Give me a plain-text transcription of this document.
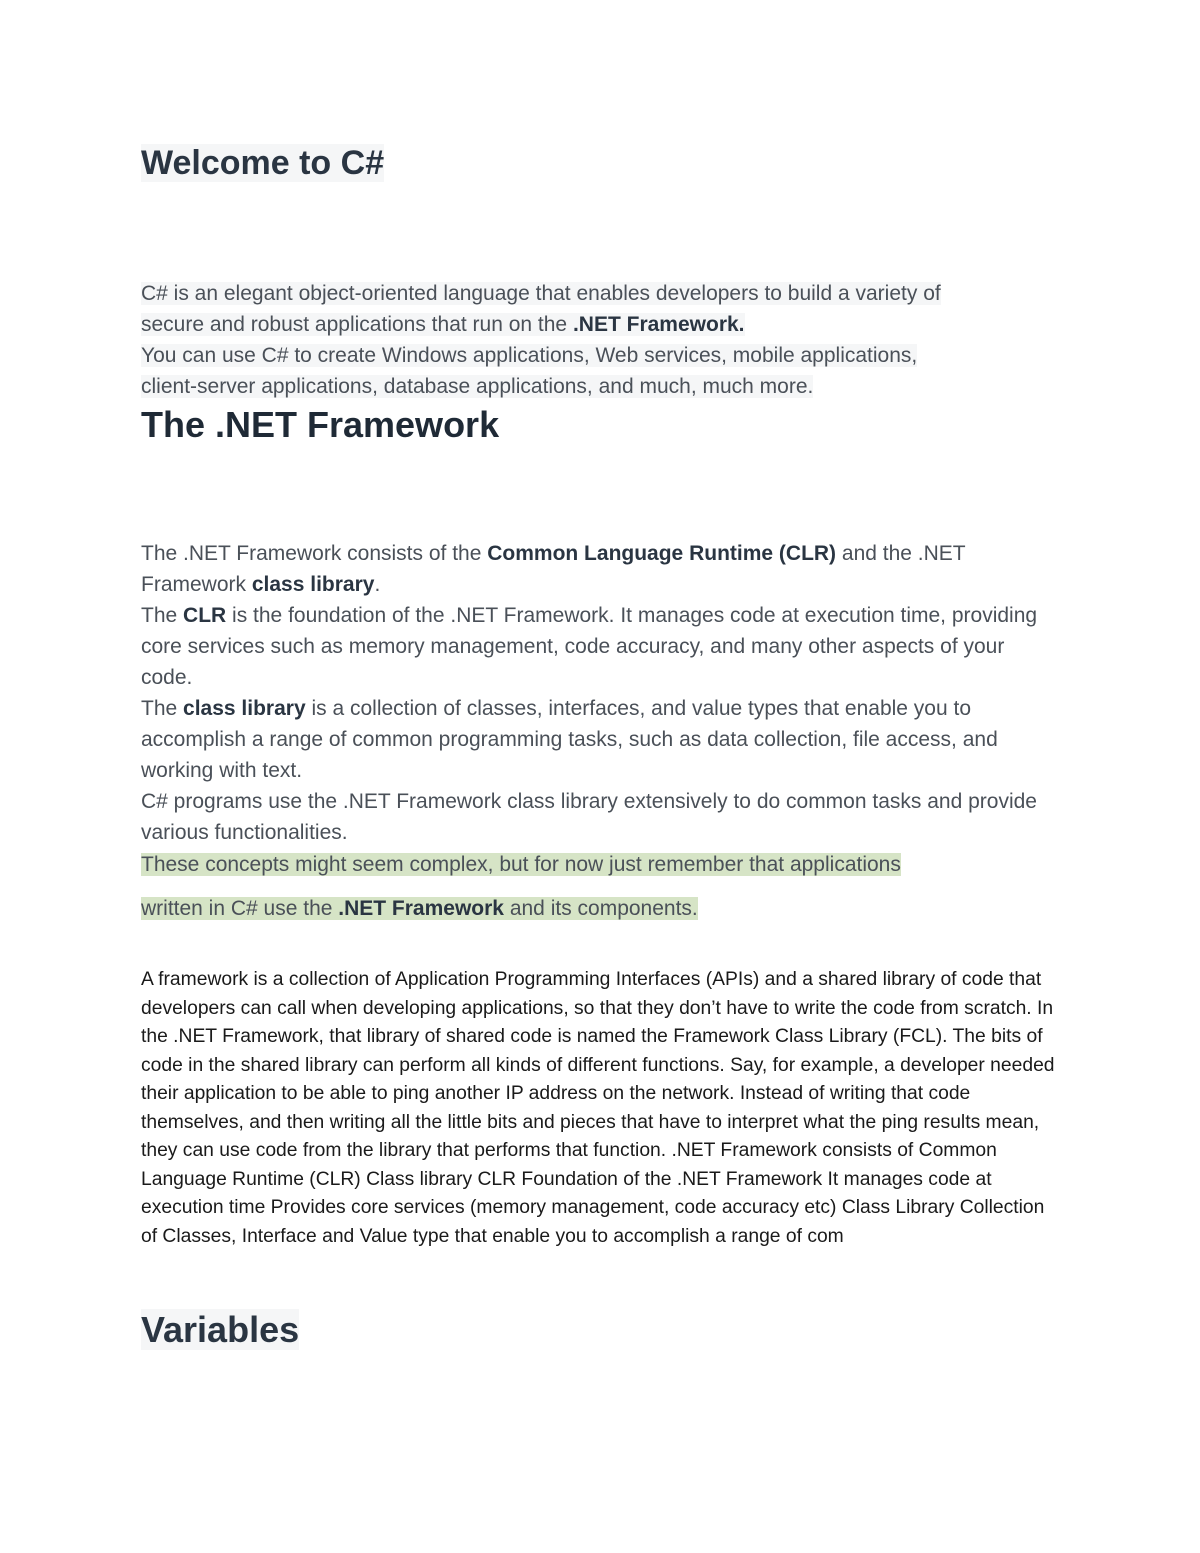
Welcome to C#

C# is an elegant object-oriented language that enables developers to build a variety of
secure and robust applications that run on the .NET Framework.
You can use C# to create Windows applications, Web services, mobile applications,
client-server applications, database applications, and much, much more.

The .NET Framework
The .NET Framework consists of the Common Language Runtime (CLR) and the .NET Framework class library.
The CLR is the foundation of the .NET Framework. It manages code at execution time, providing core services such as memory management, code accuracy, and many other aspects of your code.
The class library is a collection of classes, interfaces, and value types that enable you to accomplish a range of common programming tasks, such as data collection, file access, and working with text.
C# programs use the .NET Framework class library extensively to do common tasks and provide various functionalities.
These concepts might seem complex, but for now just remember that applications
written in C# use the .NET Framework and its components.

A framework is a collection of Application Programming Interfaces (APIs) and a shared library of code that developers can call when developing applications, so that they don’t have to write the code from scratch. In the .NET Framework, that library of shared code is named the Framework Class Library (FCL). The bits of code in the shared library can perform all kinds of different functions. Say, for example, a developer needed their application to be able to ping another IP address on the network. Instead of writing that code themselves, and then writing all the little bits and pieces that have to interpret what the ping results mean, they can use code from the library that performs that function. .NET Framework consists of Common Language Runtime (CLR) Class library CLR Foundation of the .NET Framework It manages code at execution time Provides core services (memory management, code accuracy etc) Class Library Collection of Classes, Interface and Value type that enable you to accomplish a range of com

Variables
